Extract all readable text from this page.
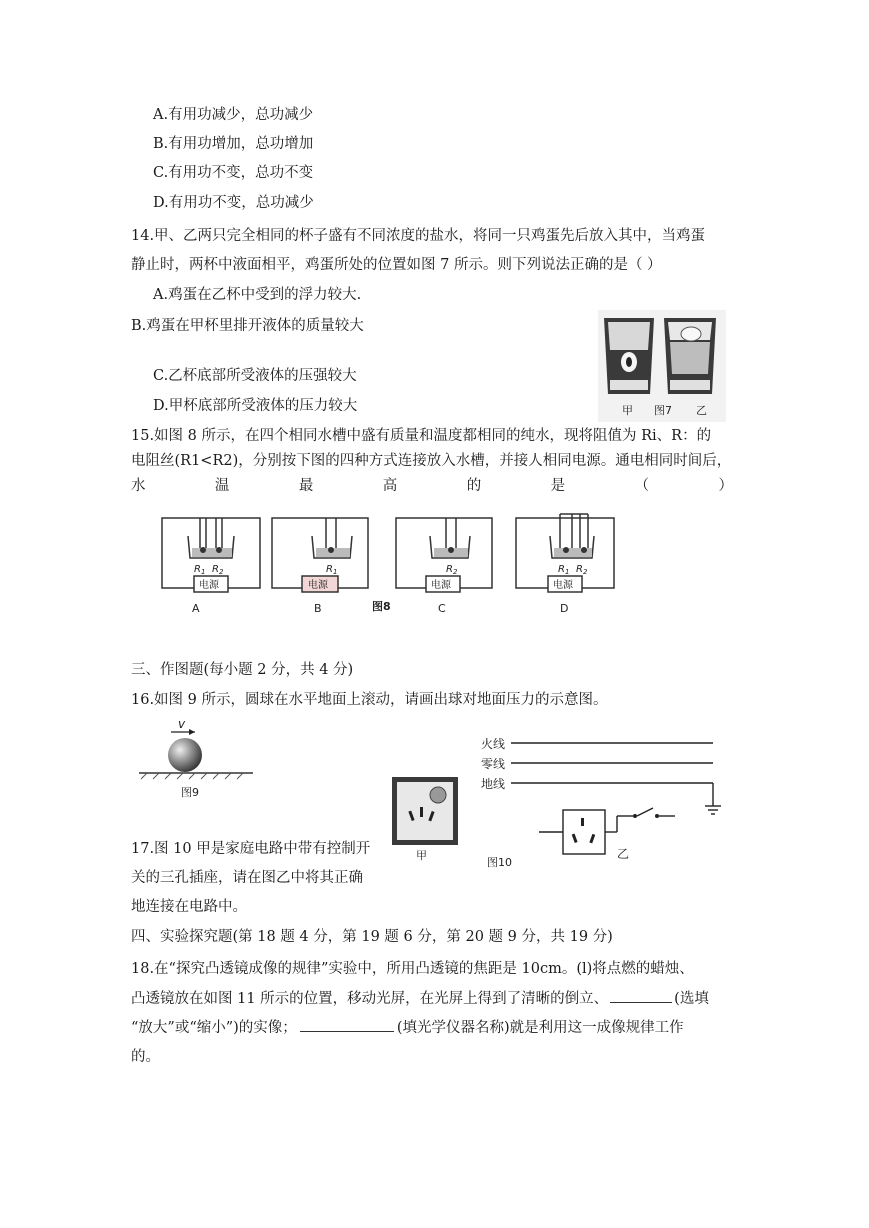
A.有用功减少，总功减少
B.有用功增加，总功增加
C.有用功不变，总功不变
D.有用功不变，总功减少
14.甲、乙两只完全相同的杯子盛有不同浓度的盐水，将同一只鸡蛋先后放入其中，当鸡蛋
静止时，两杯中液面相平，鸡蛋所处的位置如图 7 所示。则下列说法正确的是（ ）
A.鸡蛋在乙杯中受到的浮力较大.
B.鸡蛋在甲杯里排开液体的质量较大
C.乙杯底部所受液体的压强较大
D.甲杯底部所受液体的压力较大	甲 图7 乙
15.如图 8 所示，在四个相同水槽中盛有质量和温度都相同的纯水，现将阻值为 Ri、R：的
电阻丝(R1<R2)，分别按下图的四种方式连接放入水槽，并接人相同电源。通电相同时间后，
水	温	最	高	的	是	（	）
电源	电源	电源	电源
$R_1$ $R_2$	$R_1$	$R_2$	$R_1$ $R_2$
A	B	C	D
图8
三、作图题(每小题 2 分，共 4 分)
16.如图 9 所示，圆球在水平地面上滚动，请画出球对地面压力的示意图。
v
图9
甲
火线
零线
地线
图10
乙
17.图 10 甲是家庭电路中带有控制开
关的三孔插座，请在图乙中将其正确
地连接在电路中。
四、实验探究题(第 18 题 4 分，第 19 题 6 分，第 20 题 9 分，共 19 分)
18.在“探究凸透镜成像的规律”实验中，所用凸透镜的焦距是 10cm。(l)将点燃的蜡烛、
凸透镜放在如图 11 所示的位置，移动光屏，在光屏上得到了清晰的倒立、	(选填
“放大”或“缩小”)的实像；	(填光学仪器名称)就是利用这一成像规律工作
的。
